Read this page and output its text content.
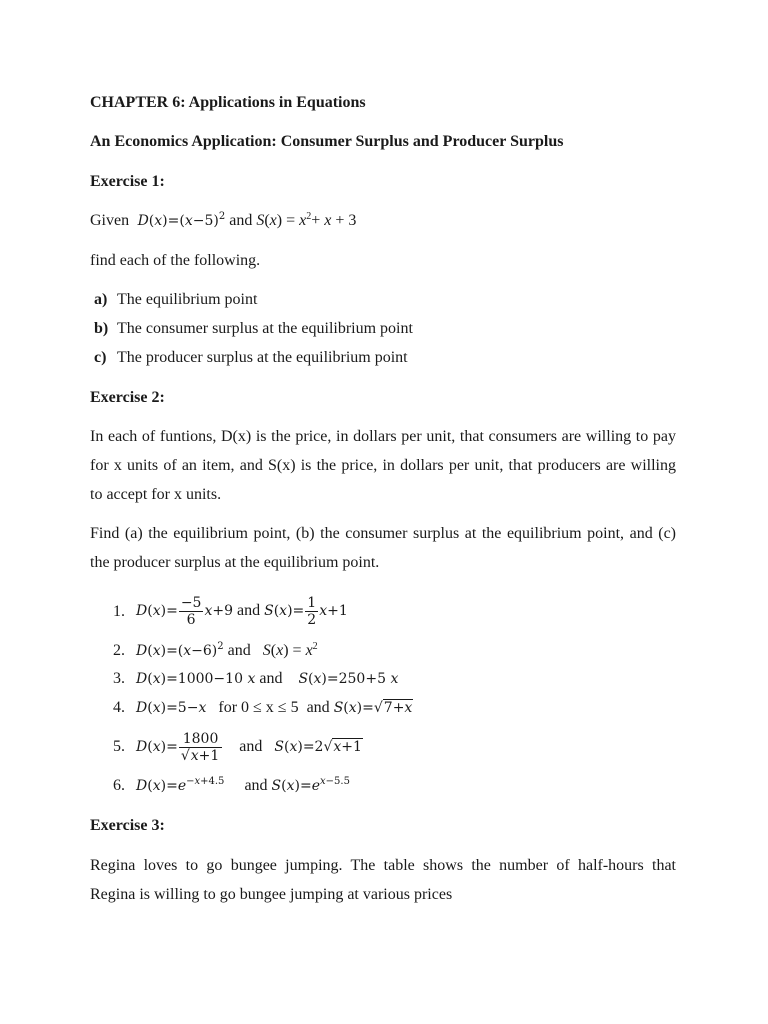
CHAPTER 6: Applications in Equations
An Economics Application: Consumer Surplus and Producer Surplus
Exercise 1:
Given $D(x)=(x-5)^2$ and $S(x) = x^2+ x + 3$
find each of the following.
a) The equilibrium point
b) The consumer surplus at the equilibrium point
c) The producer surplus at the equilibrium point
Exercise 2:
In each of funtions, D(x) is the price, in dollars per unit, that consumers are willing to pay
for x units of an item, and S(x) is the price, in dollars per unit, that producers are willing
to accept for x units.
Find (a) the equilibrium point, (b) the consumer surplus at the equilibrium point, and (c)
the producer surplus at the equilibrium point.
1. $D(x)= \frac{-5}{6} x+9$ and $S(x)= \frac{1}{2} x+1$
2. $D(x)=(x-6)^2$ and $S(x) = x^2$
3. D(x)=1000−10 x and S(x)=250+5 x
4. D(x)=5−x for 0 ≤ x ≤ 5 and S(x)=√7+x
5. $D(x)= \frac{1800}{√x+1}$ and S(x)=2√x+1
6. $D(x)=e^{-x+4.5}$ and $S(x)=e^{x-5.5}$
Exercise 3:
Regina loves to go bungee jumping. The table shows the number of half-hours that
Regina is willing to go bungee jumping at various prices
